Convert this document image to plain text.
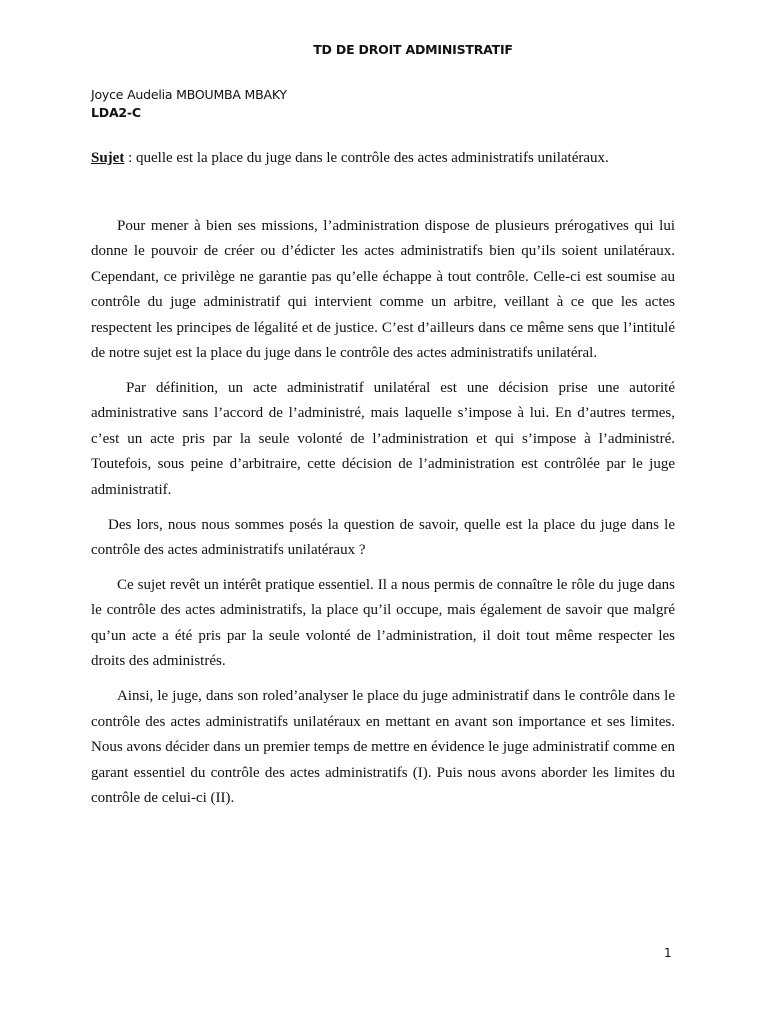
TD DE DROIT ADMINISTRATIF
Joyce Audelia MBOUMBA MBAKY
LDA2-C
Sujet : quelle est la place du juge dans le contrôle des actes administratifs unilatéraux.

Pour mener à bien ses missions, l’administration dispose de plusieurs prérogatives qui lui donne le pouvoir de créer ou d’édicter les actes administratifs bien qu’ils soient unilatéraux. Cependant, ce privilège ne garantie pas qu’elle échappe à tout contrôle. Celle-ci est soumise au contrôle du juge administratif qui intervient comme un arbitre, veillant à ce que les actes respectent les principes de légalité et de justice. C’est d’ailleurs dans ce même sens que l’intitulé de notre sujet est la place du juge dans le contrôle des actes administratifs unilatéral.

Par définition, un acte administratif unilatéral est une décision prise une autorité administrative sans l’accord de l’administré, mais laquelle s’impose à lui. En d’autres termes, c’est un acte pris par la seule volonté de l’administration et qui s’impose à l’administré. Toutefois, sous peine d’arbitraire, cette décision de l’administration est contrôlée par le juge administratif.

Des lors, nous nous sommes posés la question de savoir, quelle est la place du juge dans le contrôle des actes administratifs unilatéraux ?

Ce sujet revêt un intérêt pratique essentiel. Il a nous permis de connaître le rôle du juge dans le contrôle des actes administratifs, la place qu’il occupe, mais également de savoir que malgré qu’un acte a été pris par la seule volonté de l’administration, il doit tout même respecter les droits des administrés.

Ainsi, le juge, dans son roled’analyser le place du juge administratif dans le contrôle dans le contrôle des actes administratifs unilatéraux en mettant en avant son importance et ses limites. Nous avons décider dans un premier temps de mettre en évidence le juge administratif comme en garant essentiel du contrôle des actes administratifs (I). Puis nous avons aborder les limites du contrôle de celui-ci (II).

1
